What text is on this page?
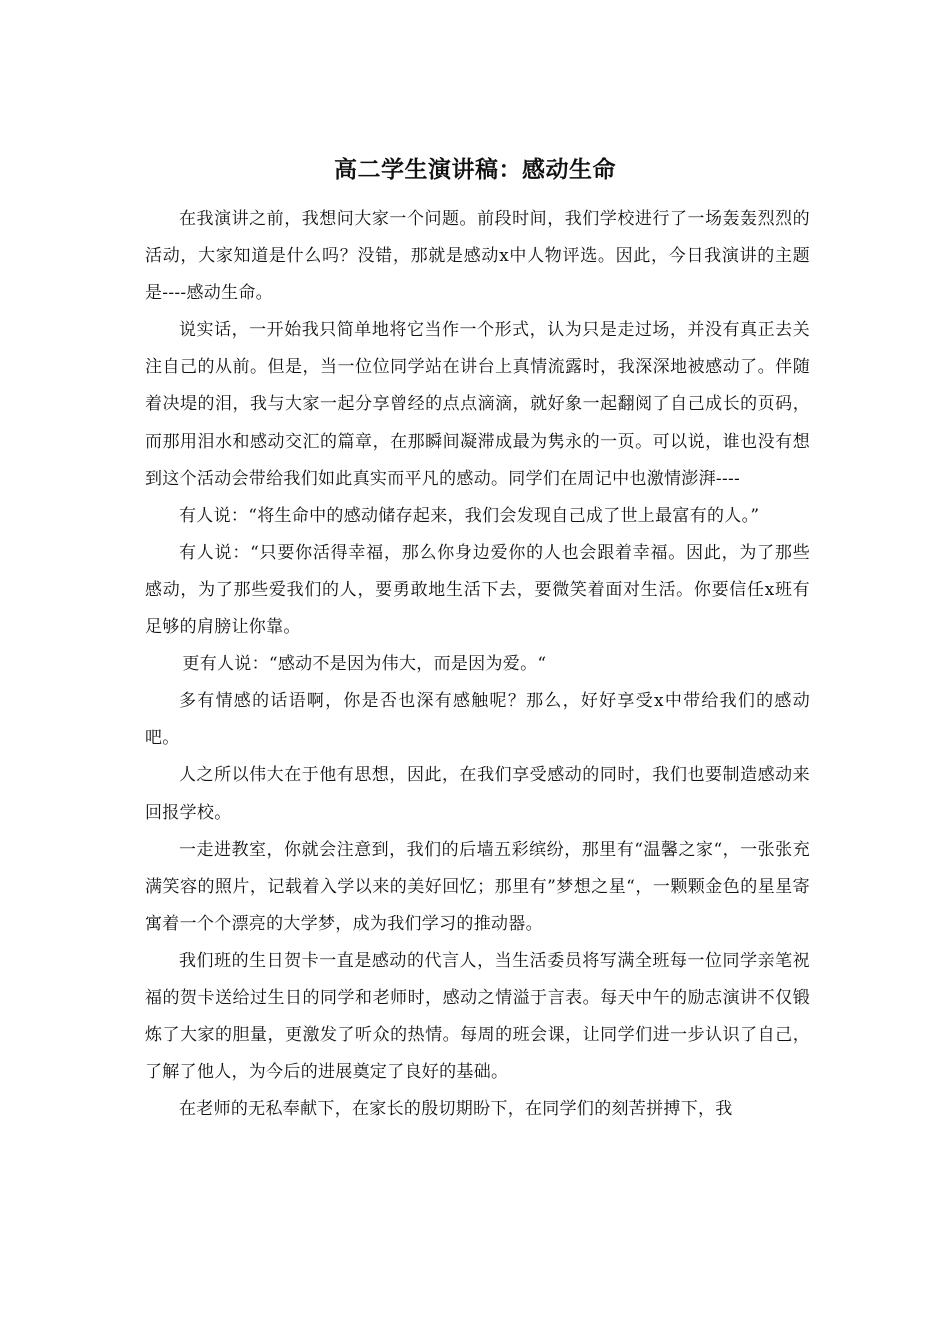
高二学生演讲稿：感动生命

在我演讲之前，我想问大家一个问题。前段时间，我们学校进行了一场轰轰烈烈的活动，大家知道是什么吗？没错，那就是感动x中人物评选。因此，今日我演讲的主题是----感动生命。

说实话，一开始我只简单地将它当作一个形式，认为只是走过场，并没有真正去关注自己的从前。但是，当一位位同学站在讲台上真情流露时，我深深地被感动了。伴随着决堤的泪，我与大家一起分享曾经的点点滴滴，就好象一起翻阅了自己成长的页码，而那用泪水和感动交汇的篇章，在那瞬间凝滞成最为隽永的一页。可以说，谁也没有想到这个活动会带给我们如此真实而平凡的感动。同学们在周记中也激情澎湃----

有人说：“将生命中的感动储存起来，我们会发现自己成了世上最富有的人。”

有人说：“只要你活得幸福，那么你身边爱你的人也会跟着幸福。因此，为了那些感动，为了那些爱我们的人，要勇敢地生活下去，要微笑着面对生活。你要信任x班有足够的肩膀让你靠。

更有人说：“感动不是因为伟大，而是因为爱。“

多有情感的话语啊，你是否也深有感触呢？那么，好好享受x中带给我们的感动吧。

人之所以伟大在于他有思想，因此，在我们享受感动的同时，我们也要制造感动来回报学校。

一走进教室，你就会注意到，我们的后墙五彩缤纷，那里有“温馨之家“，一张张充满笑容的照片，记载着入学以来的美好回忆；那里有”梦想之星“，一颗颗金色的星星寄寓着一个个漂亮的大学梦，成为我们学习的推动器。

我们班的生日贺卡一直是感动的代言人，当生活委员将写满全班每一位同学亲笔祝福的贺卡送给过生日的同学和老师时，感动之情溢于言表。每天中午的励志演讲不仅锻炼了大家的胆量，更激发了听众的热情。每周的班会课，让同学们进一步认识了自己，了解了他人，为今后的进展奠定了良好的基础。

在老师的无私奉献下，在家长的殷切期盼下，在同学们的刻苦拼搏下，我
